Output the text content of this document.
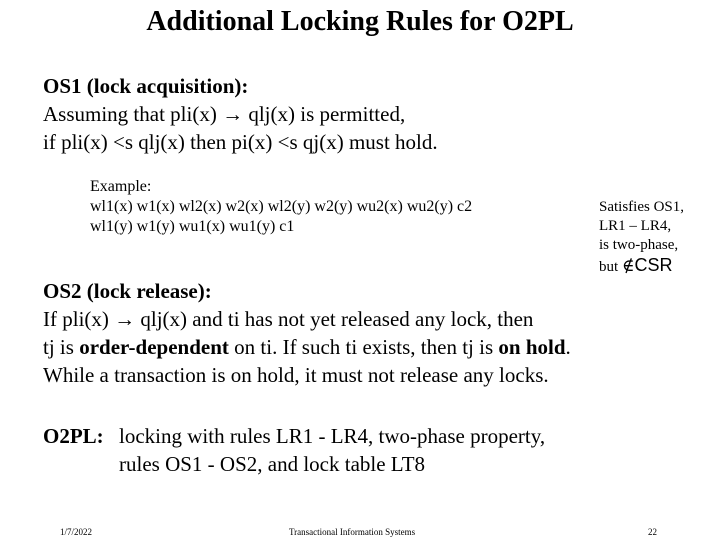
Additional Locking Rules for O2PL
OS1 (lock acquisition):
Assuming that pli(x) → qlj(x) is permitted,
if pli(x) <s qlj(x) then pi(x) <s qj(x) must hold.
Example:
wl1(x) w1(x) wl2(x) w2(x) wl2(y) w2(y) wu2(x) wu2(y) c2
wl1(y) w1(y) wu1(x) wu1(y) c1
Satisfies OS1,
LR1 – LR4,
is two-phase,
but ∉CSR
OS2 (lock release):
If pli(x) → qlj(x) and ti has not yet released any lock, then
tj is order-dependent on ti. If such ti exists, then tj is on hold.
While a transaction is on hold, it must not release any locks.
O2PL: locking with rules LR1 - LR4, two-phase property,
rules OS1 - OS2, and lock table LT8
1/7/2022	Transactional Information Systems	22
